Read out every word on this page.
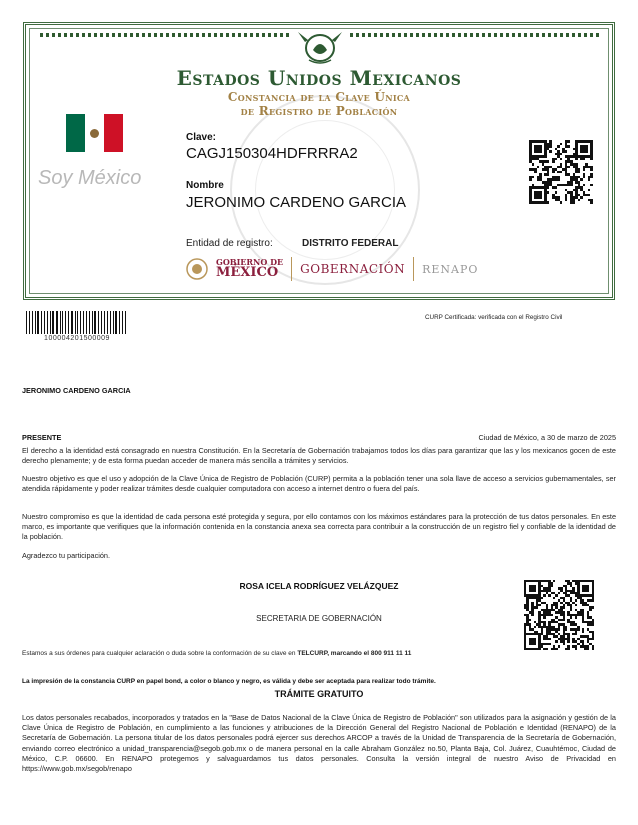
Estados Unidos Mexicanos
Constancia de la Clave Única
de Registro de Población
Soy México
Clave:
CAGJ150304HDFRRRA2
Nombre
JERONIMO CARDENO GARCIA
Entidad de registro:	DISTRITO FEDERAL
GOBIERNO DE
MÉXICO	GOBERNACIÓN RENAPO
100004201500009
CURP Certificada: verificada con el Registro Civil
JERONIMO CARDENO GARCIA
PRESENTE	Ciudad de México, a 30 de marzo de 2025
El derecho a la identidad está consagrado en nuestra Constitución. En la Secretaría de Gobernación trabajamos todos los días para garantizar que las y los mexicanos gocen de este derecho plenamente; y de esta forma puedan acceder de manera más sencilla a trámites y servicios.
Nuestro objetivo es que el uso y adopción de la Clave Única de Registro de Población (CURP) permita a la población tener una sola llave de acceso a servicios gubernamentales, ser atendida rápidamente y poder realizar trámites desde cualquier computadora con acceso a internet dentro o fuera del país.
Nuestro compromiso es que la identidad de cada persona esté protegida y segura, por ello contamos con los máximos estándares para la protección de tus datos personales. En este marco, es importante que verifiques que la información contenida en la constancia anexa sea correcta para contribuir a la construcción de un registro fiel y confiable de la identidad de la población.
Agradezco tu participación.
ROSA ICELA RODRÍGUEZ VELÁZQUEZ
SECRETARIA DE GOBERNACIÓN
Estamos a sus órdenes para cualquier aclaración o duda sobre la conformación de su clave en TELCURP, marcando el 800 911 11 11
La impresión de la constancia CURP en papel bond, a color o blanco y negro, es válida y debe ser aceptada para realizar todo trámite.
TRÁMITE GRATUITO
Los datos personales recabados, incorporados y tratados en la "Base de Datos Nacional de la Clave Única de Registro de Población" son utilizados para la asignación y gestión de la Clave Única de Registro de Población, en cumplimiento a las funciones y atribuciones de la Dirección General del Registro Nacional de Población e Identidad (RENAPO) de la Secretaría de Gobernación. La persona titular de los datos personales podrá ejercer sus derechos ARCOP a través de la Unidad de Transparencia de la Secretaría de Gobernación, enviando correo electrónico a unidad_transparencia@segob.gob.mx o de manera personal en la calle Abraham González no.50, Planta Baja, Col. Juárez, Cuauhtémoc, Ciudad de México, C.P. 06600. En RENAPO protegemos y salvaguardamos tus datos personales. Consulta la versión integral de nuestro Aviso de Privacidad en https://www.gob.mx/segob/renapo
